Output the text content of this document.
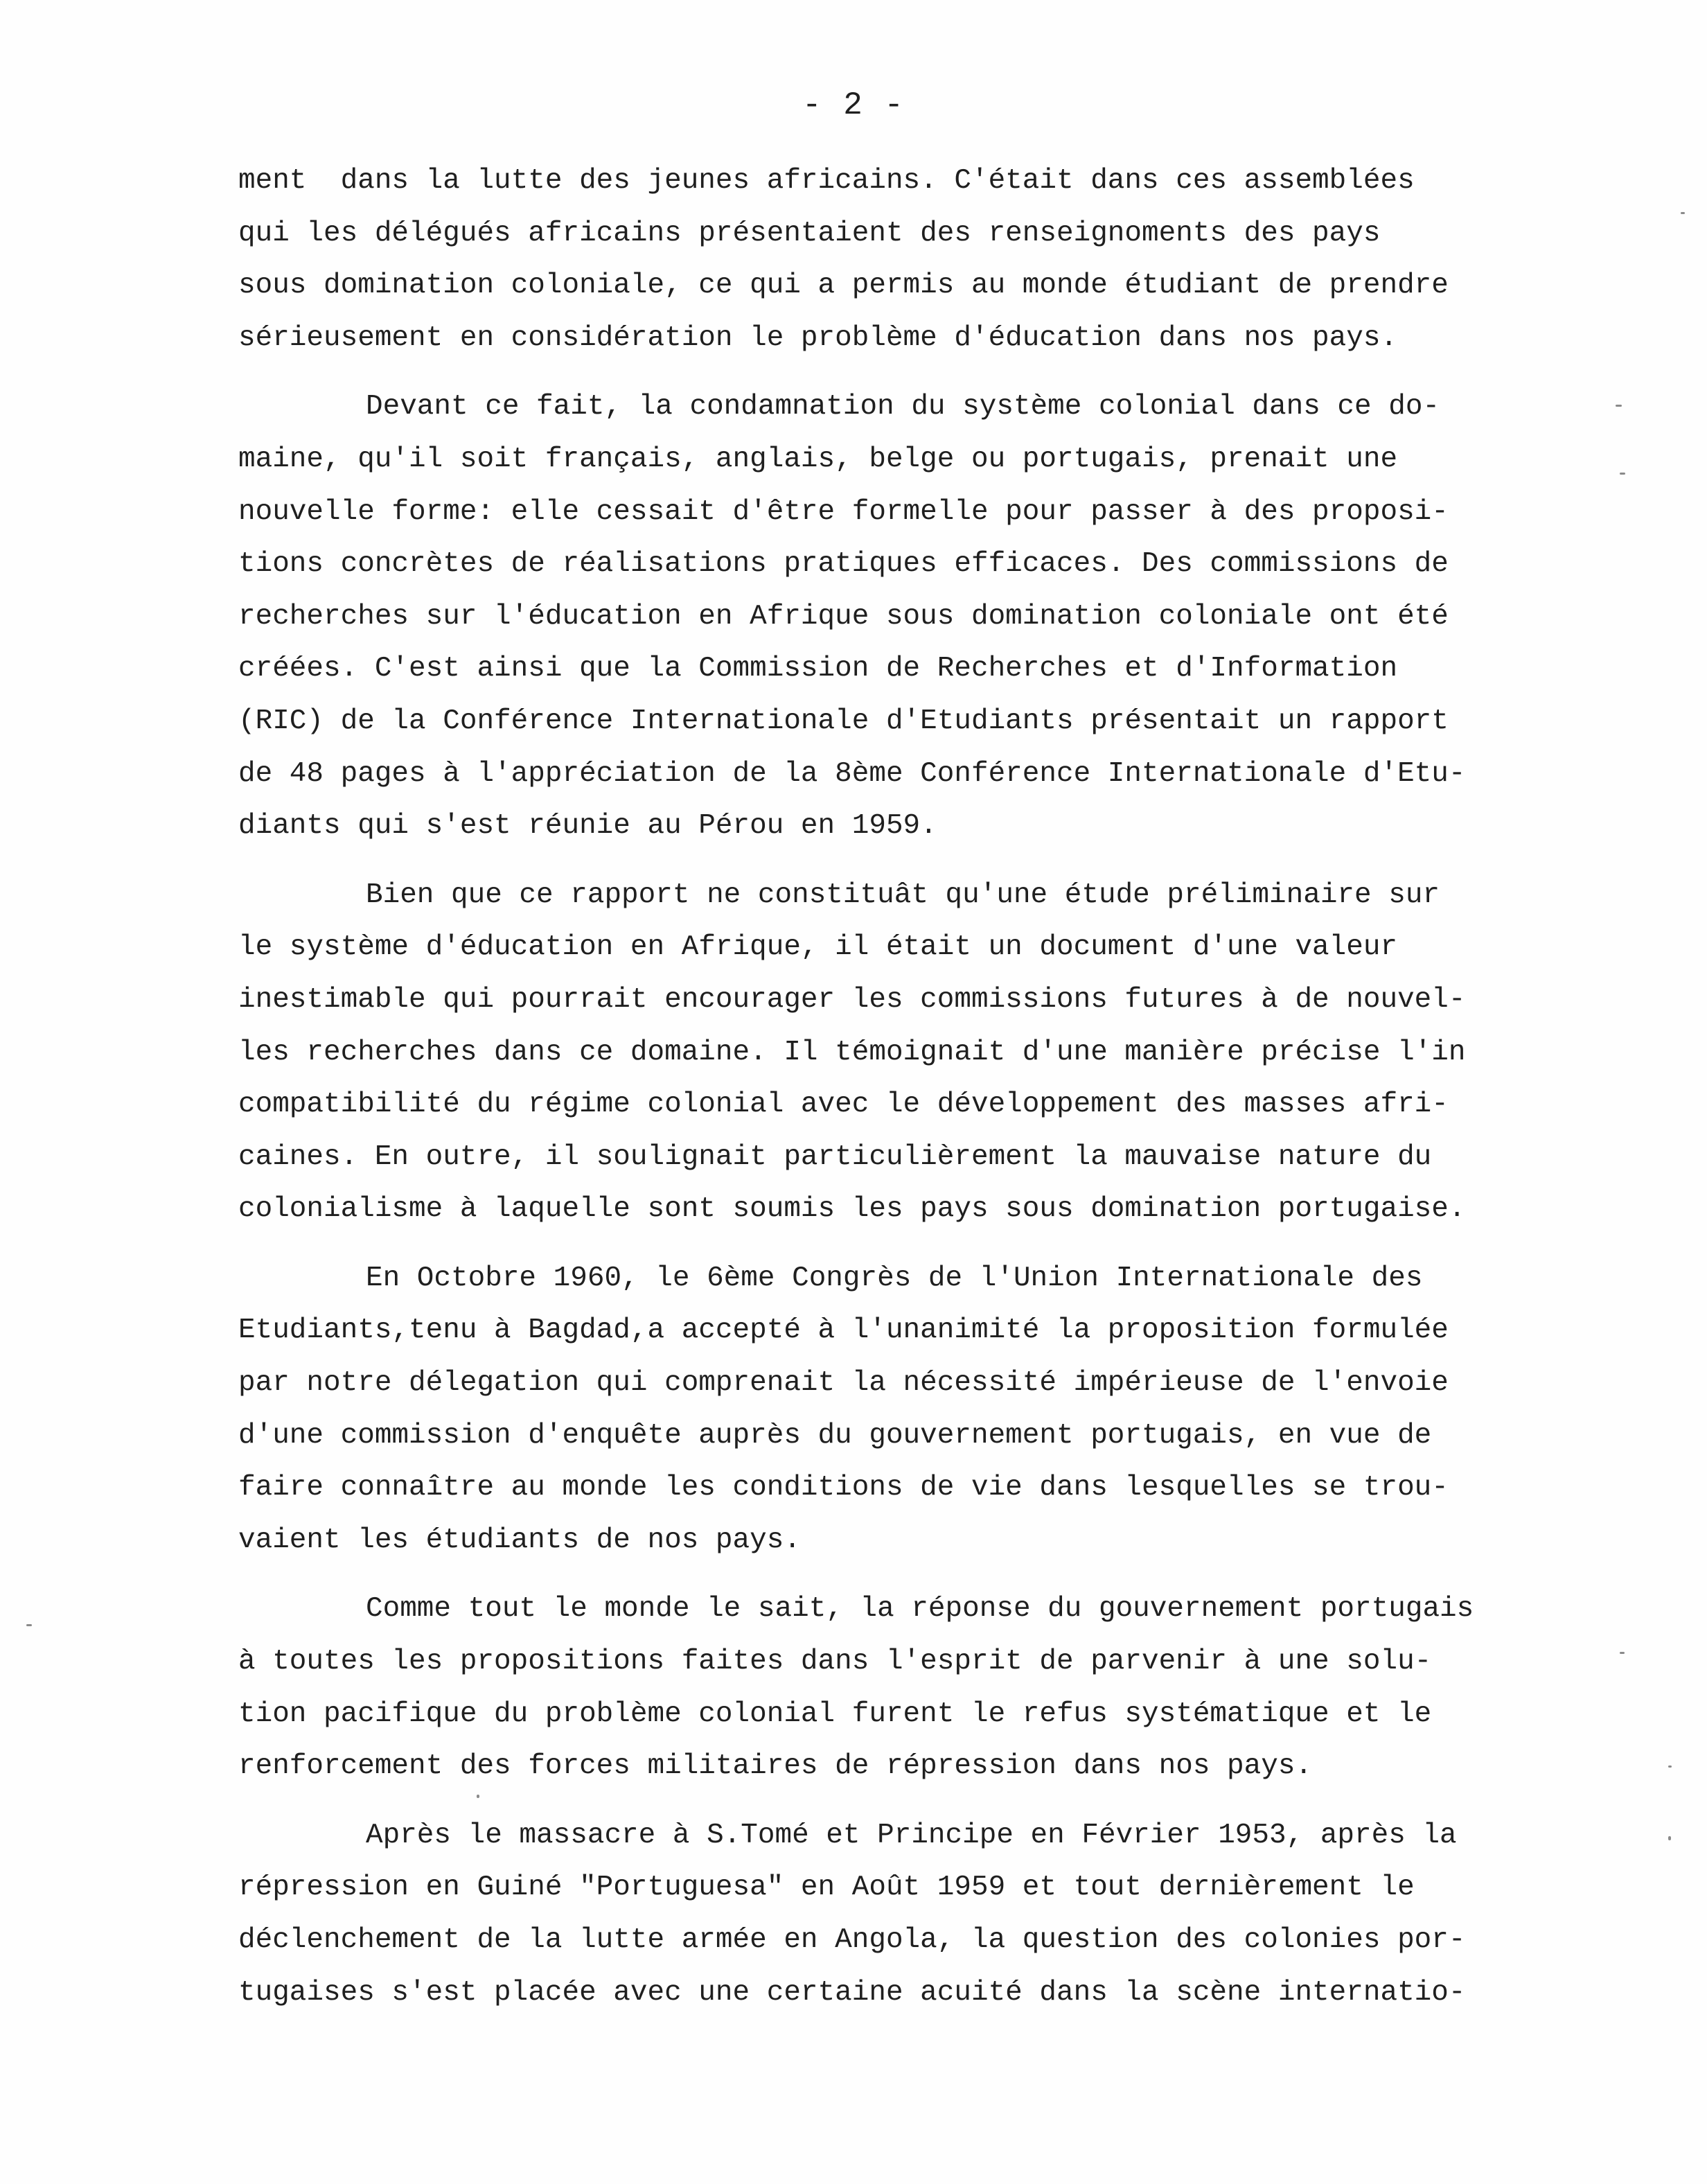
- 2 -
ment  dans la lutte des jeunes africains. C'était dans ces assemblées
qui les délégués africains présentaient des renseignoments des pays
sous domination coloniale, ce qui a permis au monde étudiant de prendre
sérieusement en considération le problème d'éducation dans nos pays.
Devant ce fait, la condamnation du système colonial dans ce do-
maine, qu'il soit français, anglais, belge ou portugais, prenait une
nouvelle forme: elle cessait d'être formelle pour passer à des proposi-
tions concrètes de réalisations pratiques efficaces. Des commissions de
recherches sur l'éducation en Afrique sous domination coloniale ont été
créées. C'est ainsi que la Commission de Recherches et d'Information
(RIC) de la Conférence Internationale d'Etudiants présentait un rapport
de 48 pages à l'appréciation de la 8ème Conférence Internationale d'Etu-
diants qui s'est réunie au Pérou en 1959.
Bien que ce rapport ne constituât qu'une étude préliminaire sur
le système d'éducation en Afrique, il était un document d'une valeur
inestimable qui pourrait encourager les commissions futures à de nouvel-
les recherches dans ce domaine. Il témoignait d'une manière précise l'in
compatibilité du régime colonial avec le développement des masses afri-
caines. En outre, il soulignait particulièrement la mauvaise nature du
colonialisme à laquelle sont soumis les pays sous domination portugaise.
En Octobre 1960, le 6ème Congrès de l'Union Internationale des
Etudiants,tenu à Bagdad,a accepté à l'unanimité la proposition formulée
par notre délegation qui comprenait la nécessité impérieuse de l'envoie
d'une commission d'enquête auprès du gouvernement portugais, en vue de
faire connaître au monde les conditions de vie dans lesquelles se trou-
vaient les étudiants de nos pays.
Comme tout le monde le sait, la réponse du gouvernement portugais
à toutes les propositions faites dans l'esprit de parvenir à une solu-
tion pacifique du problème colonial furent le refus systématique et le
renforcement des forces militaires de répression dans nos pays.
Après le massacre à S.Tomé et Principe en Février 1953, après la
répression en Guiné "Portuguesa" en Août 1959 et tout dernièrement le
déclenchement de la lutte armée en Angola, la question des colonies por-
tugaises s'est placée avec une certaine acuité dans la scène internatio-
